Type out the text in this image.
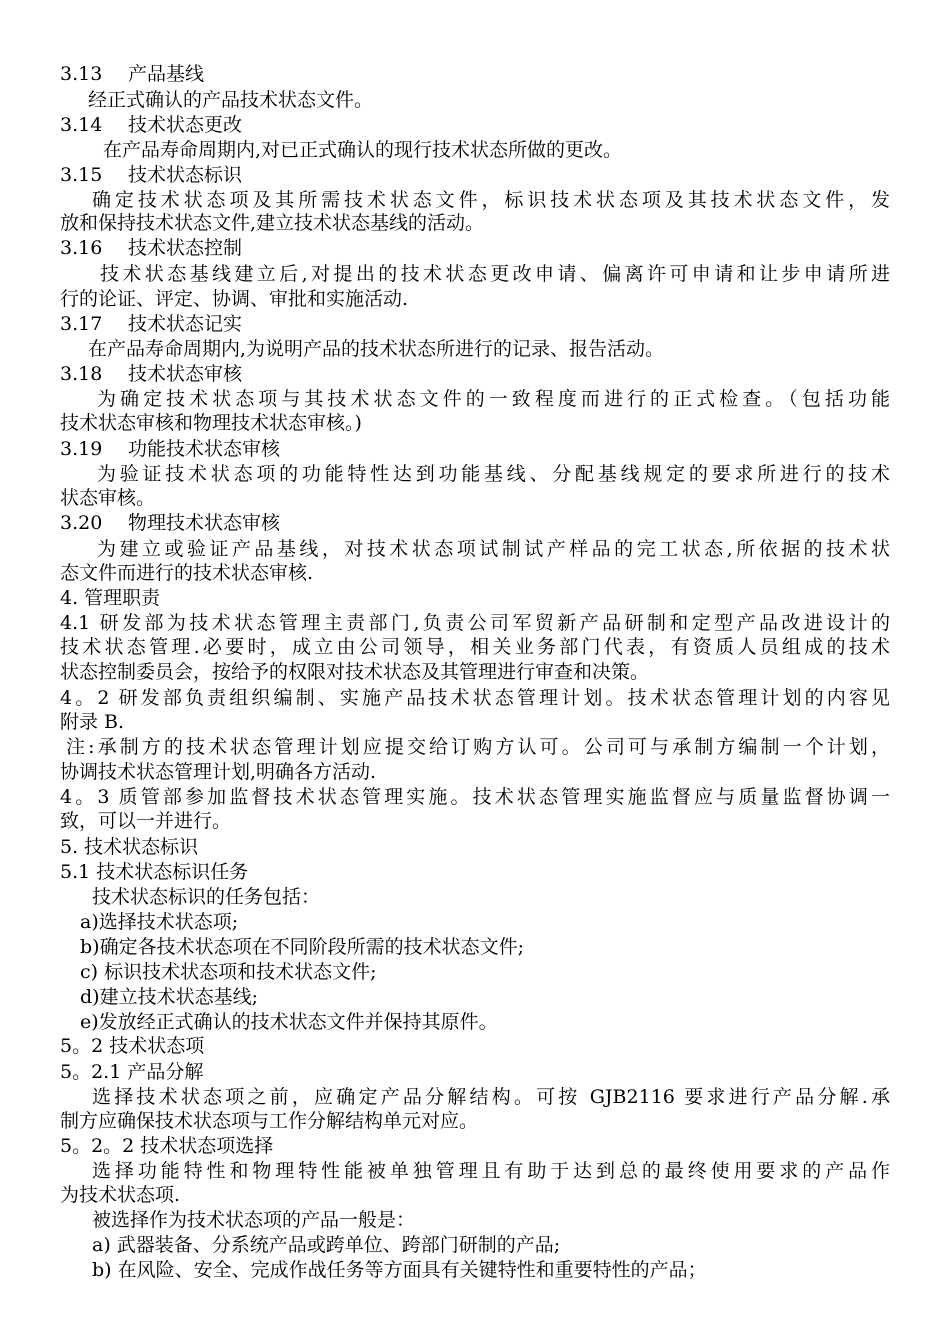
3.13 产品基线
经正式确认的产品技术状态文件。
3.14 技术状态更改
在产品寿命周期内,对已正式确认的现行技术状态所做的更改。
3.15 技术状态标识
确定技术状态项及其所需技术状态文件，标识技术状态项及其技术状态文件，发
放和保持技术状态文件,建立技术状态基线的活动。
3.16 技术状态控制
技术状态基线建立后,对提出的技术状态更改申请、偏离许可申请和让步申请所进
行的论证、评定、协调、审批和实施活动.
3.17 技术状态记实
在产品寿命周期内,为说明产品的技术状态所进行的记录、报告活动。
3.18 技术状态审核
为确定技术状态项与其技术状态文件的一致程度而进行的正式检查。（包括功能
技术状态审核和物理技术状态审核。)
3.19 功能技术状态审核
为验证技术状态项的功能特性达到功能基线、分配基线规定的要求所进行的技术
状态审核。
3.20 物理技术状态审核
为建立或验证产品基线，对技术状态项试制试产样品的完工状态,所依据的技术状
态文件而进行的技术状态审核.
4. 管理职责
4.1 研发部为技术状态管理主责部门,负责公司军贸新产品研制和定型产品改进设计的
技术状态管理.必要时，成立由公司领导，相关业务部门代表，有资质人员组成的技术
状态控制委员会，按给予的权限对技术状态及其管理进行审查和决策。
4。2 研发部负责组织编制、实施产品技术状态管理计划。技术状态管理计划的内容见
附录 B.
注:承制方的技术状态管理计划应提交给订购方认可。公司可与承制方编制一个计划，
协调技术状态管理计划,明确各方活动.
4。3 质管部参加监督技术状态管理实施。技术状态管理实施监督应与质量监督协调一
致，可以一并进行。
5. 技术状态标识
5.1 技术状态标识任务
技术状态标识的任务包括：
a)选择技术状态项;
b)确定各技术状态项在不同阶段所需的技术状态文件;
c) 标识技术状态项和技术状态文件;
d)建立技术状态基线;
e)发放经正式确认的技术状态文件并保持其原件。
5。2 技术状态项
5。2.1 产品分解
选择技术状态项之前，应确定产品分解结构。可按 GJB2116 要求进行产品分解.承
制方应确保技术状态项与工作分解结构单元对应。
5。2。2 技术状态项选择
选择功能特性和物理特性能被单独管理且有助于达到总的最终使用要求的产品作
为技术状态项.
被选择作为技术状态项的产品一般是：
a) 武器装备、分系统产品或跨单位、跨部门研制的产品;
b) 在风险、安全、完成作战任务等方面具有关键特性和重要特性的产品；
